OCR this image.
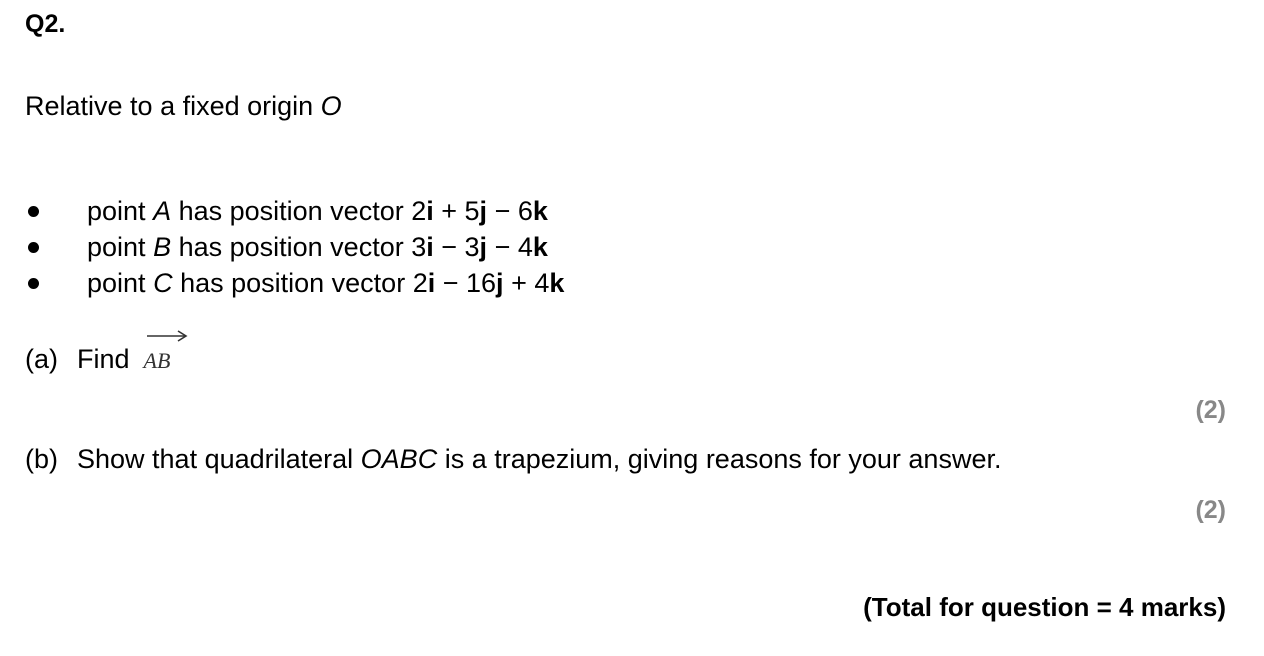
Q2.
Relative to a fixed origin O
point A has position vector 2i + 5j − 6k
point B has position vector 3i − 3j − 4k
point C has position vector 2i − 16j + 4k
(a) Find AB
(2)
(b) Show that quadrilateral OABC is a trapezium, giving reasons for your answer.
(2)
(Total for question = 4 marks)
